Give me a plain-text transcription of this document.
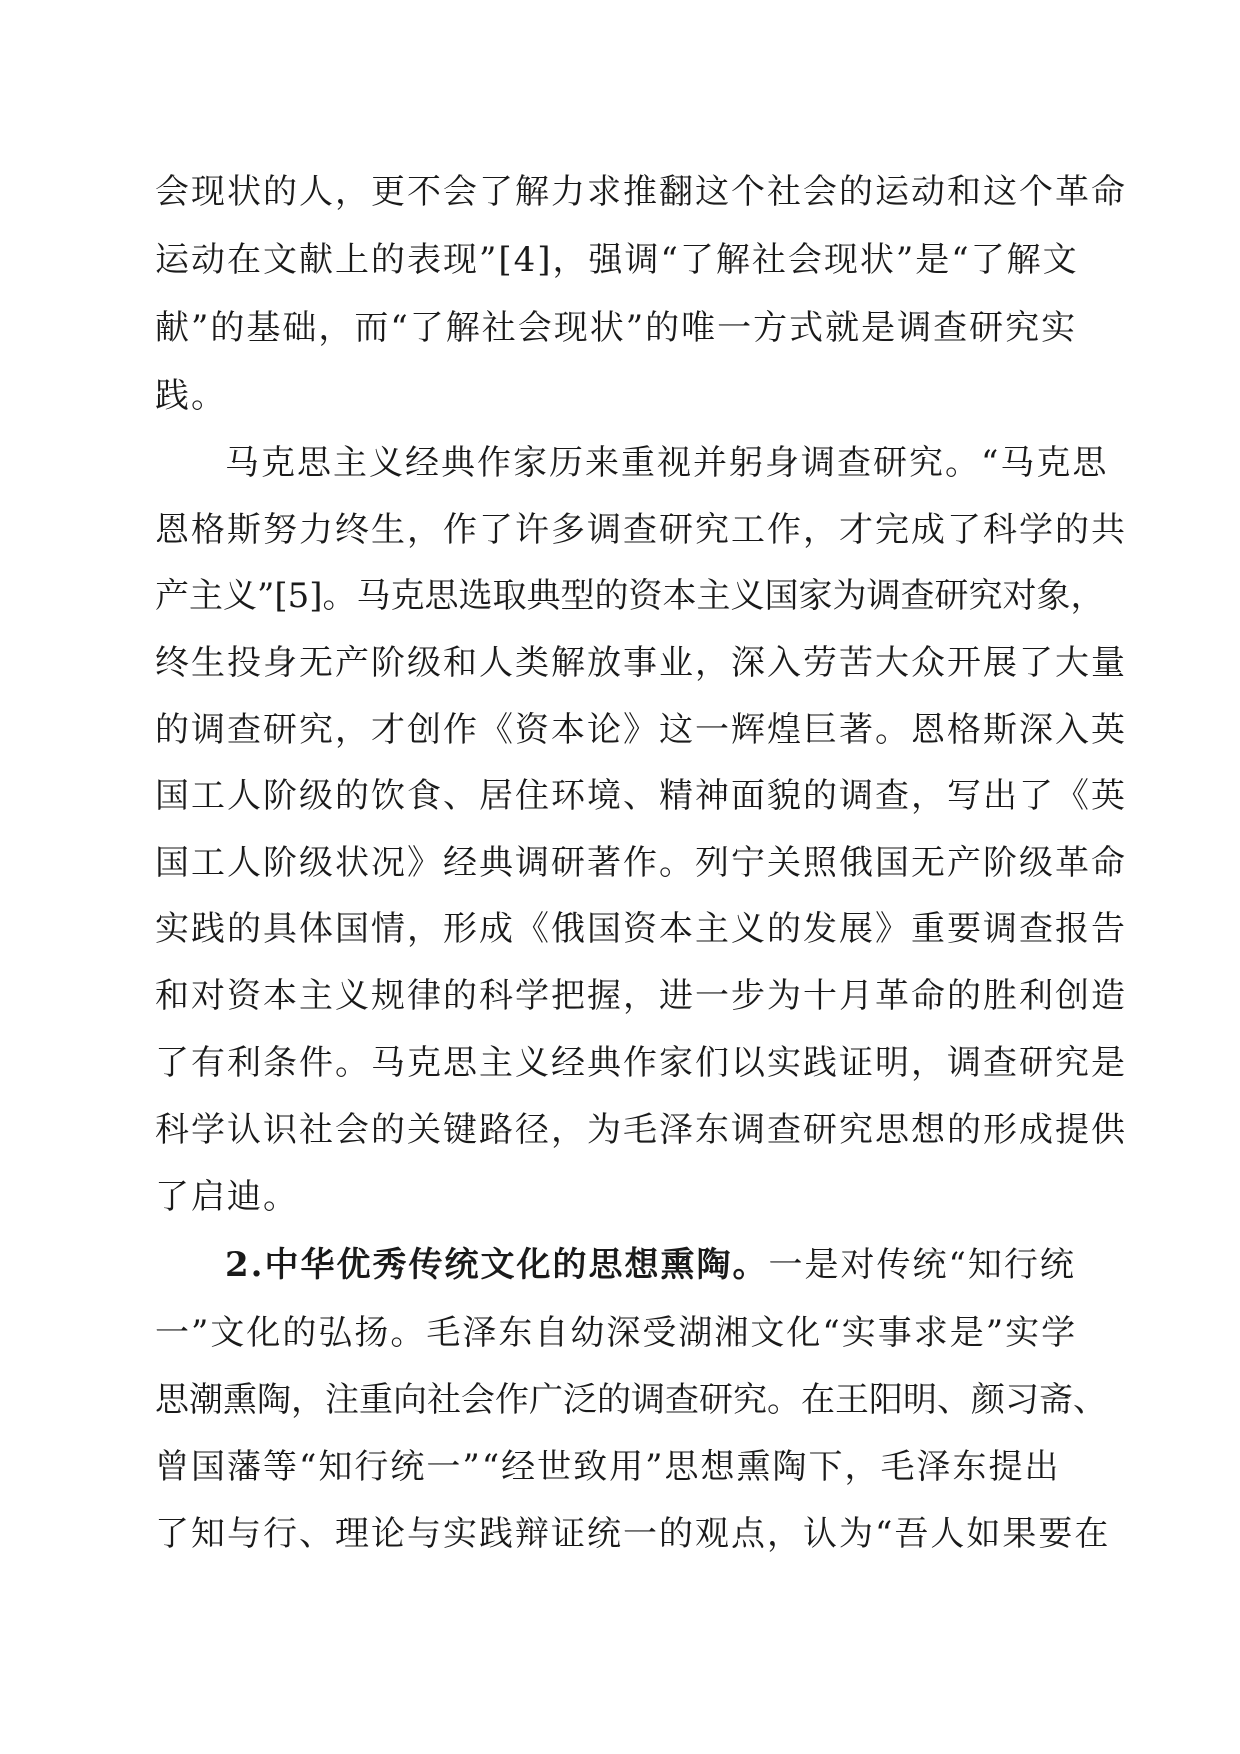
会现状的人，更不会了解力求推翻这个社会的运动和这个革命
运动在文献上的表现”[4]，强调“了解社会现状”是“了解文
献”的基础，而“了解社会现状”的唯一方式就是调查研究实
践。
马克思主义经典作家历来重视并躬身调查研究。“马克思
恩格斯努力终生，作了许多调查研究工作，才完成了科学的共
产主义”[5]。马克思选取典型的资本主义国家为调查研究对象，
终生投身无产阶级和人类解放事业，深入劳苦大众开展了大量
的调查研究，才创作《资本论》这一辉煌巨著。恩格斯深入英
国工人阶级的饮食、居住环境、精神面貌的调查，写出了《英
国工人阶级状况》经典调研著作。列宁关照俄国无产阶级革命
实践的具体国情，形成《俄国资本主义的发展》重要调查报告
和对资本主义规律的科学把握，进一步为十月革命的胜利创造
了有利条件。马克思主义经典作家们以实践证明，调查研究是
科学认识社会的关键路径，为毛泽东调查研究思想的形成提供
了启迪。
2.中华优秀传统文化的思想熏陶。一是对传统“知行统
一”文化的弘扬。毛泽东自幼深受湖湘文化“实事求是”实学
思潮熏陶，注重向社会作广泛的调查研究。在王阳明、颜习斋、
曾国藩等“知行统一”“经世致用”思想熏陶下，毛泽东提出
了知与行、理论与实践辩证统一的观点，认为“吾人如果要在
